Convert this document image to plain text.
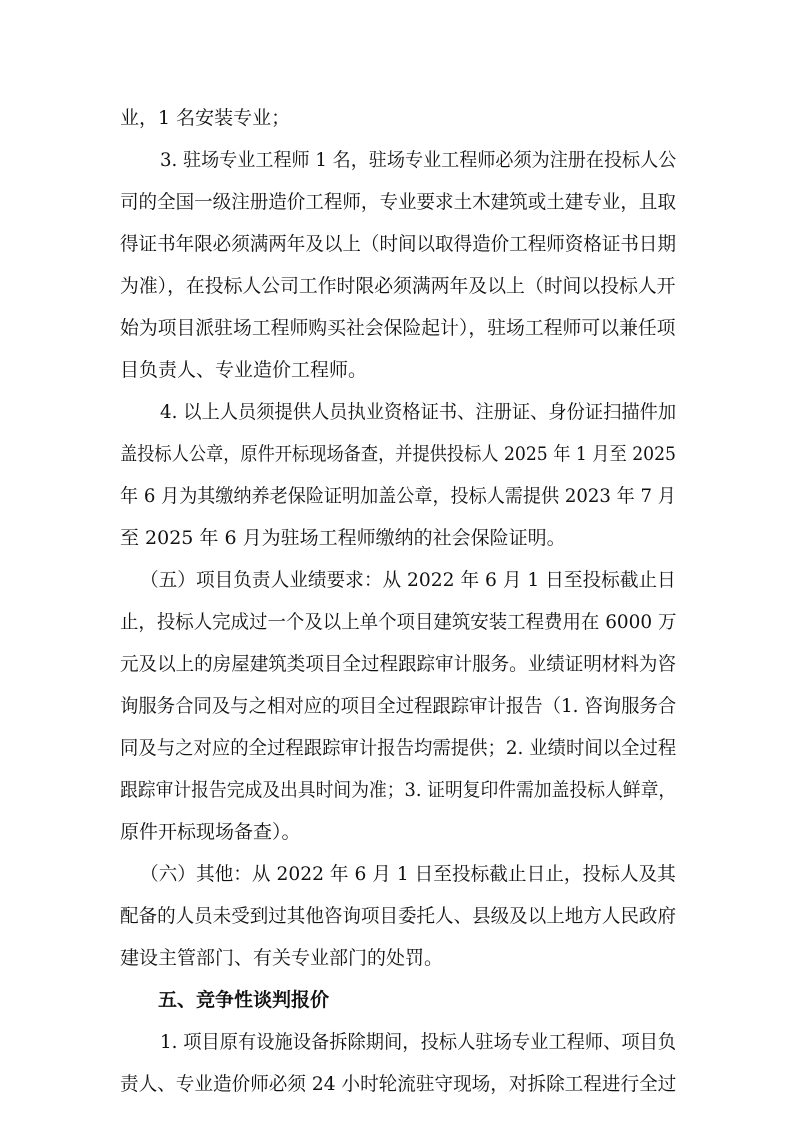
业，1 名安装专业；
3. 驻场专业工程师 1 名，驻场专业工程师必须为注册在投标人公
司的全国一级注册造价工程师，专业要求土木建筑或土建专业，且取
得证书年限必须满两年及以上（时间以取得造价工程师资格证书日期
为准），在投标人公司工作时限必须满两年及以上（时间以投标人开
始为项目派驻场工程师购买社会保险起计），驻场工程师可以兼任项
目负责人、专业造价工程师。
4. 以上人员须提供人员执业资格证书、注册证、身份证扫描件加
盖投标人公章，原件开标现场备查，并提供投标人 2025 年 1 月至 2025
年 6 月为其缴纳养老保险证明加盖公章，投标人需提供 2023 年 7 月
至 2025 年 6 月为驻场工程师缴纳的社会保险证明。
（五）项目负责人业绩要求：从 2022 年 6 月 1 日至投标截止日
止，投标人完成过一个及以上单个项目建筑安装工程费用在 6000 万
元及以上的房屋建筑类项目全过程跟踪审计服务。业绩证明材料为咨
询服务合同及与之相对应的项目全过程跟踪审计报告（1. 咨询服务合
同及与之对应的全过程跟踪审计报告均需提供；2. 业绩时间以全过程
跟踪审计报告完成及出具时间为准；3. 证明复印件需加盖投标人鲜章，
原件开标现场备查）。
（六）其他：从 2022 年 6 月 1 日至投标截止日止，投标人及其
配备的人员未受到过其他咨询项目委托人、县级及以上地方人民政府
建设主管部门、有关专业部门的处罚。
五、竞争性谈判报价
1. 项目原有设施设备拆除期间，投标人驻场专业工程师、项目负
责人、专业造价师必须 24 小时轮流驻守现场，对拆除工程进行全过
